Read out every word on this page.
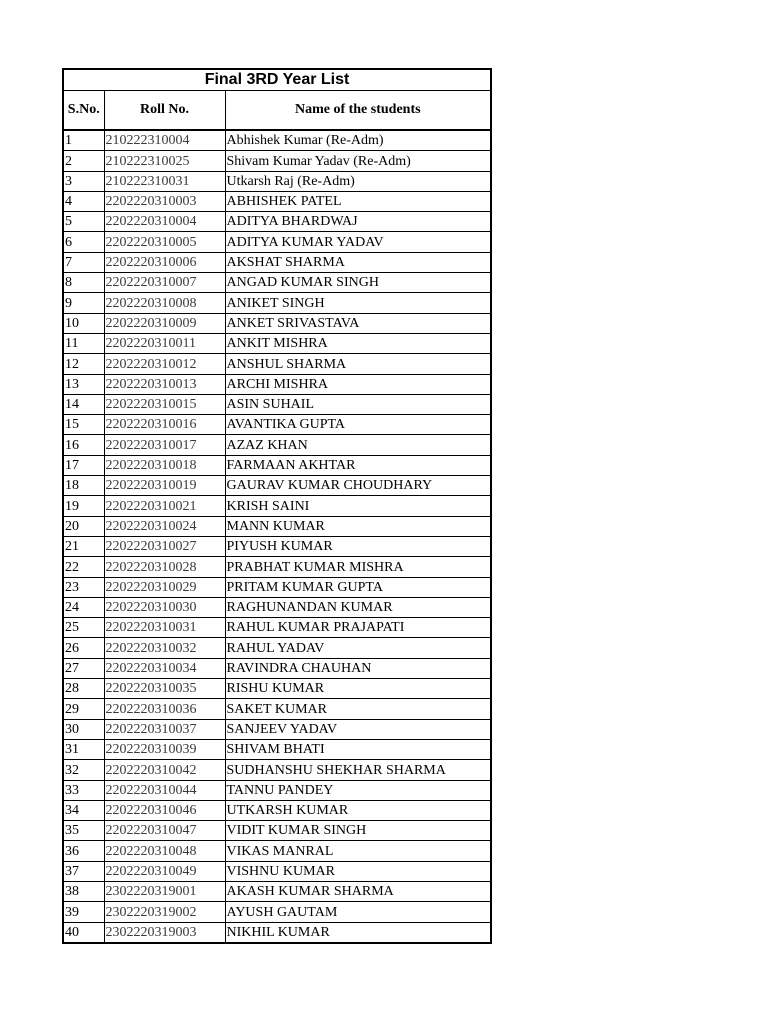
Final 3RD Year List		
S.No.	Roll No.	Name of the students
1	210222310004	Abhishek Kumar (Re-Adm)
2	210222310025	Shivam Kumar Yadav (Re-Adm)
3	210222310031	Utkarsh Raj (Re-Adm)
4	2202220310003	ABHISHEK PATEL
5	2202220310004	ADITYA BHARDWAJ
6	2202220310005	ADITYA KUMAR YADAV
7	2202220310006	AKSHAT SHARMA
8	2202220310007	ANGAD KUMAR SINGH
9	2202220310008	ANIKET SINGH
10	2202220310009	ANKET SRIVASTAVA
11	2202220310011	ANKIT MISHRA
12	2202220310012	ANSHUL SHARMA
13	2202220310013	ARCHI MISHRA
14	2202220310015	ASIN SUHAIL
15	2202220310016	AVANTIKA GUPTA
16	2202220310017	AZAZ KHAN
17	2202220310018	FARMAAN AKHTAR
18	2202220310019	GAURAV KUMAR CHOUDHARY
19	2202220310021	KRISH SAINI
20	2202220310024	MANN KUMAR
21	2202220310027	PIYUSH KUMAR
22	2202220310028	PRABHAT KUMAR MISHRA
23	2202220310029	PRITAM KUMAR GUPTA
24	2202220310030	RAGHUNANDAN KUMAR
25	2202220310031	RAHUL KUMAR PRAJAPATI
26	2202220310032	RAHUL YADAV
27	2202220310034	RAVINDRA CHAUHAN
28	2202220310035	RISHU KUMAR
29	2202220310036	SAKET KUMAR
30	2202220310037	SANJEEV YADAV
31	2202220310039	SHIVAM BHATI
32	2202220310042	SUDHANSHU SHEKHAR SHARMA
33	2202220310044	TANNU PANDEY
34	2202220310046	UTKARSH KUMAR
35	2202220310047	VIDIT KUMAR SINGH
36	2202220310048	VIKAS MANRAL
37	2202220310049	VISHNU KUMAR
38	2302220319001	AKASH KUMAR SHARMA
39	2302220319002	AYUSH GAUTAM
40	2302220319003	NIKHIL KUMAR
